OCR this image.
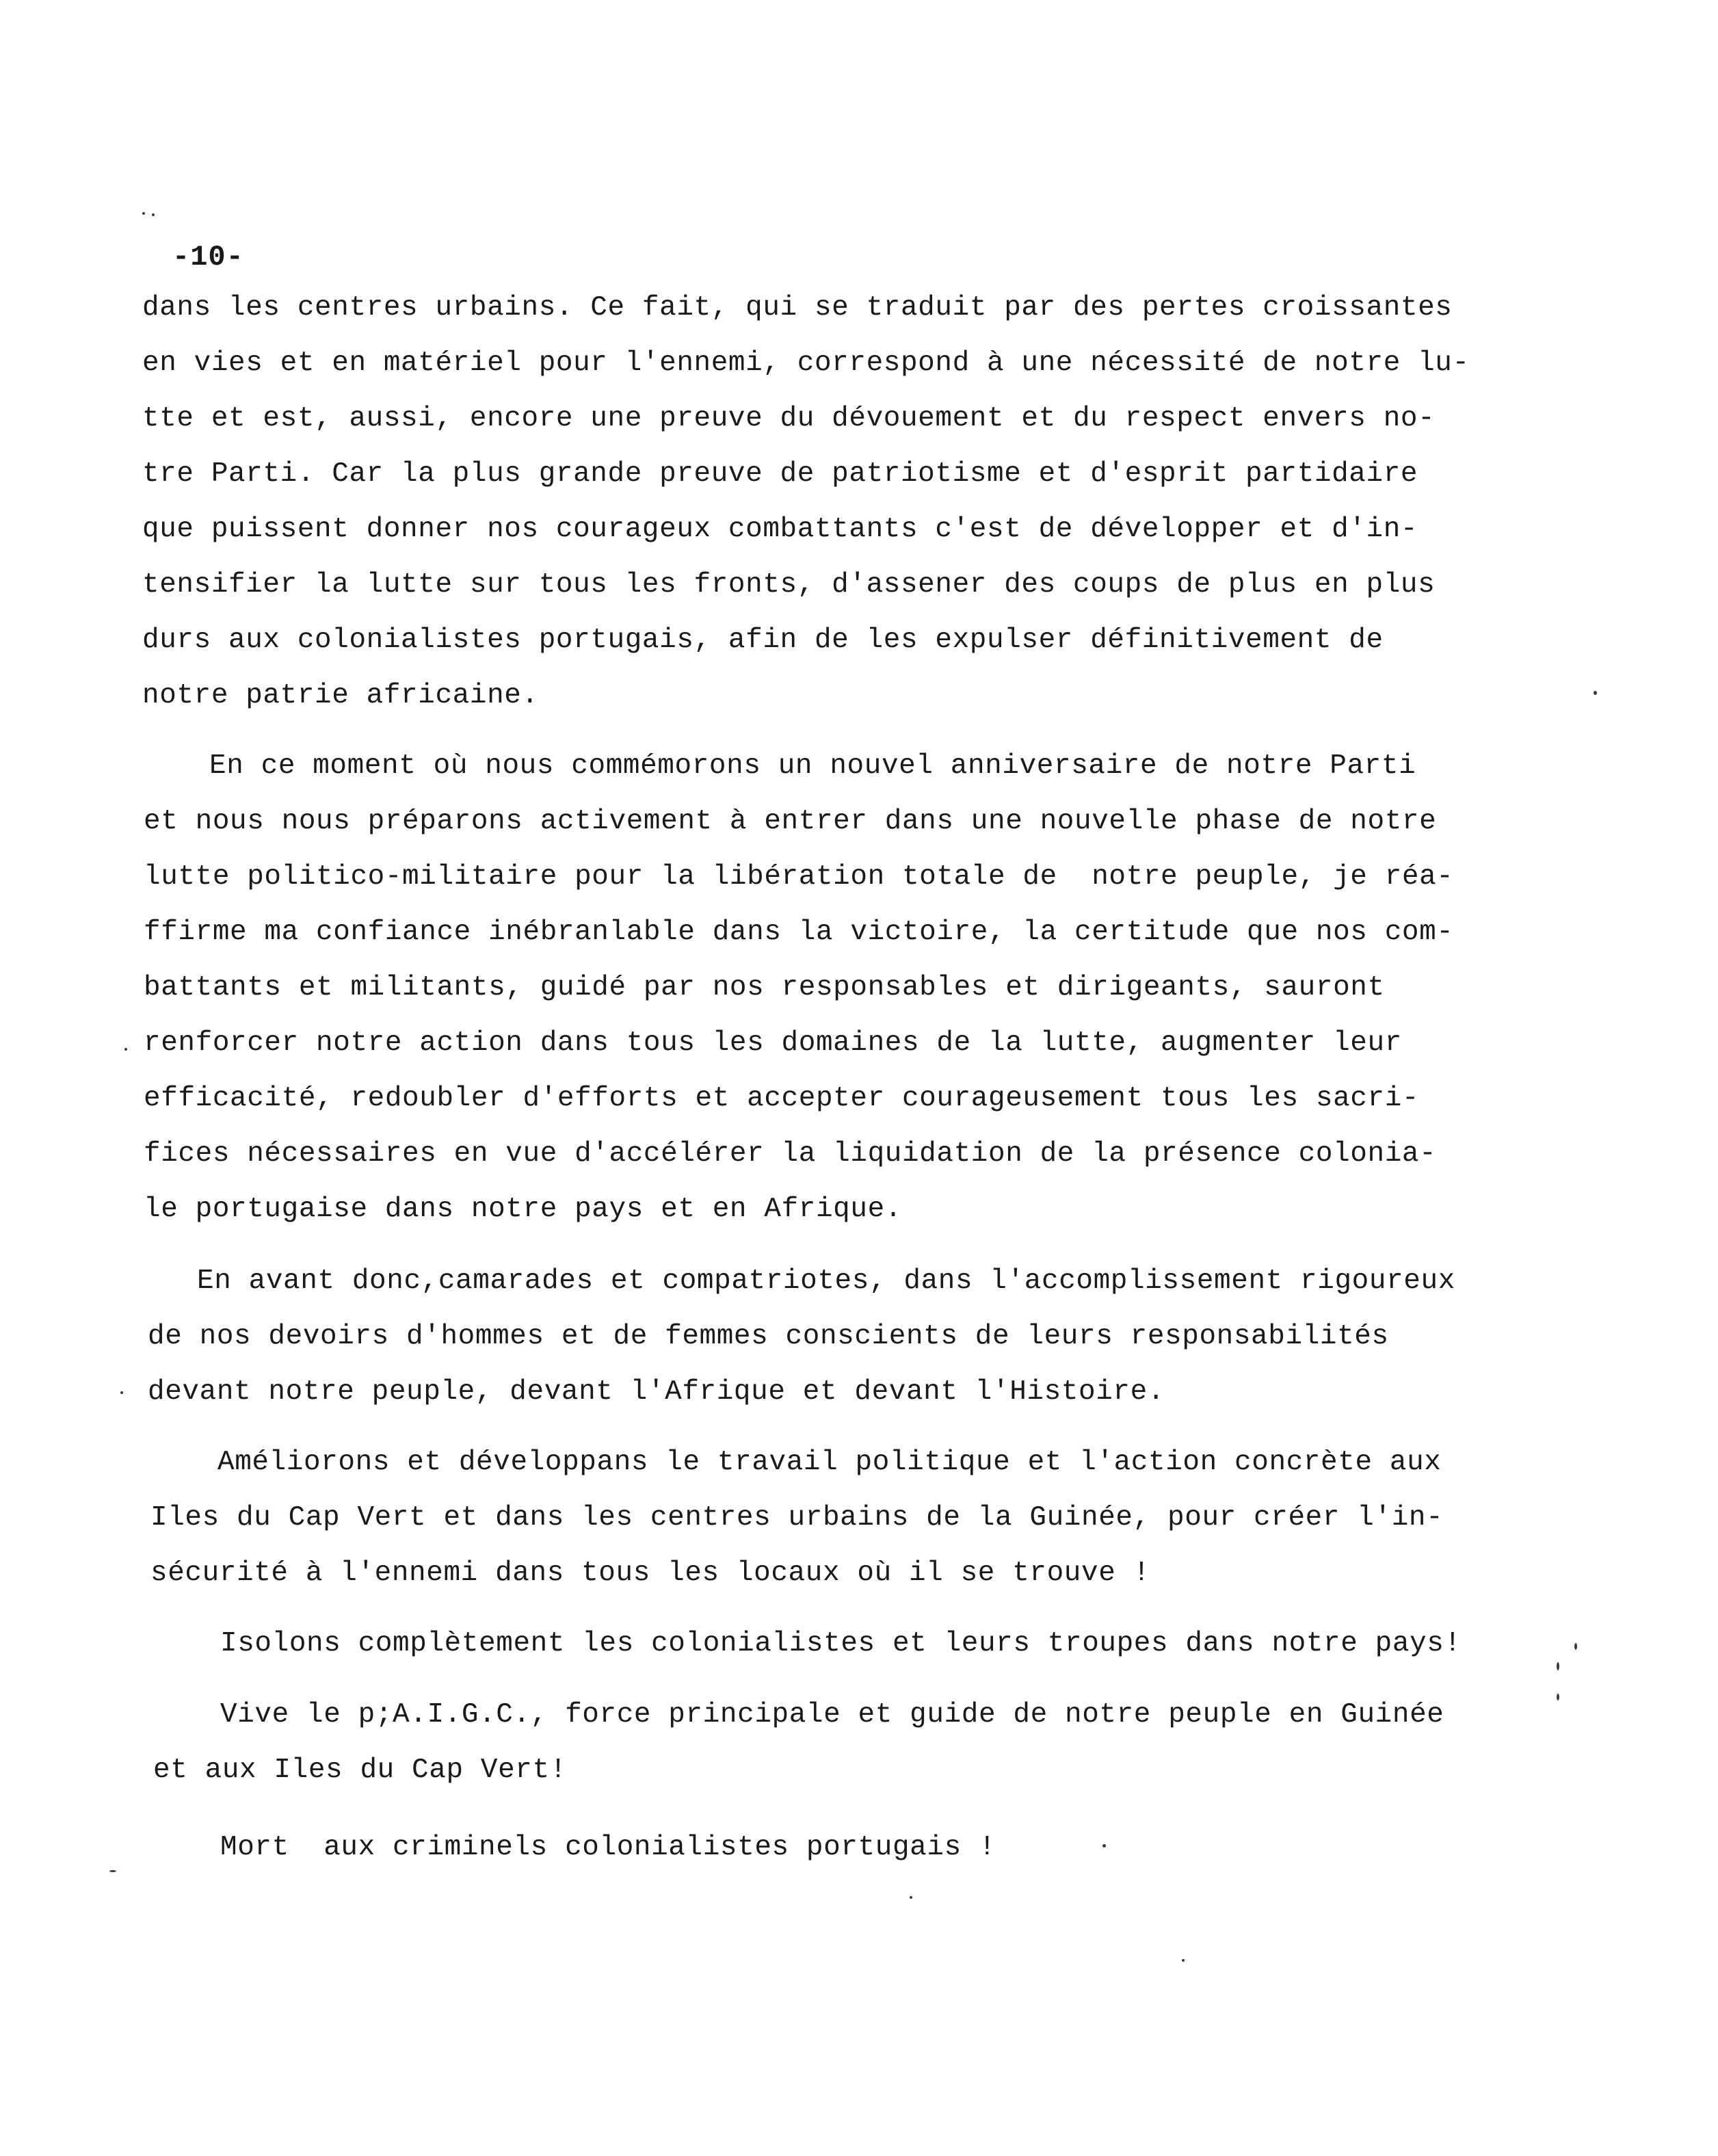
-10-
dans les centres urbains. Ce fait, qui se traduit par des pertes croissantes
en vies et en matériel pour l'ennemi, correspond à une nécessité de notre lu-
tte et est, aussi, encore une preuve du dévouement et du respect envers no-
tre Parti. Car la plus grande preuve de patriotisme et d'esprit partidaire
que puissent donner nos courageux combattants c'est de développer et d'in-
tensifier la lutte sur tous les fronts, d'assener des coups de plus en plus
durs aux colonialistes portugais, afin de les expulser définitivement de
notre patrie africaine.
En ce moment où nous commémorons un nouvel anniversaire de notre Parti
et nous nous préparons activement à entrer dans une nouvelle phase de notre
lutte politico-militaire pour la libération totale de  notre peuple, je réa-
ffirme ma confiance inébranlable dans la victoire, la certitude que nos com-
battants et militants, guidé par nos responsables et dirigeants, sauront
renforcer notre action dans tous les domaines de la lutte, augmenter leur
efficacité, redoubler d'efforts et accepter courageusement tous les sacri-
fices nécessaires en vue d'accélérer la liquidation de la présence colonia-
le portugaise dans notre pays et en Afrique.
En avant donc,camarades et compatriotes, dans l'accomplissement rigoureux
de nos devoirs d'hommes et de femmes conscients de leurs responsabilités
devant notre peuple, devant l'Afrique et devant l'Histoire.
Améliorons et développans le travail politique et l'action concrète aux
Iles du Cap Vert et dans les centres urbains de la Guinée, pour créer l'in-
sécurité à l'ennemi dans tous les locaux où il se trouve !
Isolons complètement les colonialistes et leurs troupes dans notre pays!
Vive le p;A.I.G.C., force principale et guide de notre peuple en Guinée
et aux Iles du Cap Vert!
Mort  aux criminels colonialistes portugais !
